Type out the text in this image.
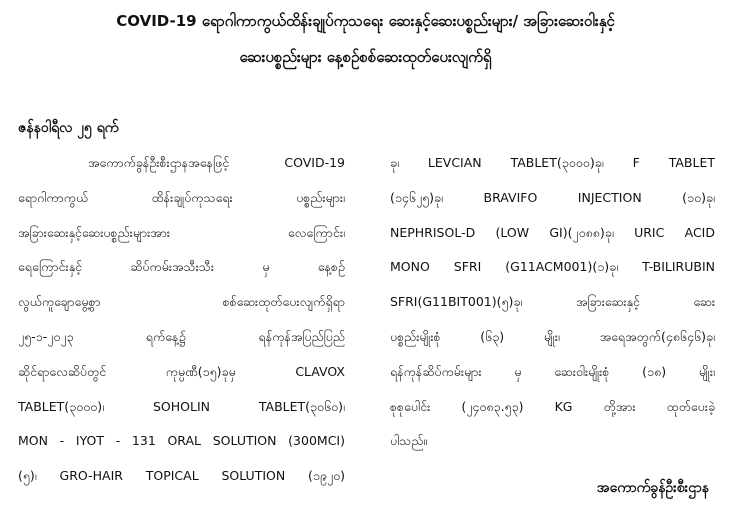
COVID-19 ရောဂါကာကွယ်ထိန်းချုပ်ကုသရေး ဆေးနှင့်ဆေးပစ္စည်းများ/ အခြားဆေးဝါးနှင့်
ဆေးပစ္စည်းများ နေ့စဉ်စစ်ဆေးထုတ်ပေးလျက်ရှိ
ဇန်နဝါရီလ ၂၅ ရက်
အကောက်ခွန်ဦးစီးဌာနအနေဖြင့် COVID-19
ရောဂါကာကွယ် ထိန်းချုပ်ကုသရေး ပစ္စည်းများ၊
အခြားဆေးနှင့်ဆေးပစ္စည်းများအား လေကြောင်း၊
ရေကြောင်းနှင့် ဆိပ်ကမ်းအသီးသီး မှ နေ့စဉ်
လွယ်ကူချောမွေ့စွာ စစ်ဆေးထုတ်ပေးလျက်ရှိရာ
၂၅-၁-၂၀၂၃ ရက်နေ့၌ ရန်ကုန်အပြည်ပြည်
ဆိုင်ရာလေဆိပ်တွင် ကုမ္ပဏီ(၁၅)ခုမှ CLAVOX
TABLET(၃၀၀၀)၊ SOHOLIN TABLET(၃၀၆၀)၊
MON - IYOT - 131 ORAL SOLUTION (300MCI)
(၅)၊ GRO-HAIR TOPICAL SOLUTION (၁၉၂၀)
ခု၊ LEVCIAN TABLET(၃၀၀၀)ခု၊ F TABLET
(၁၄၆၂၅)ခု၊ BRAVIFO INJECTION (၁၀)ခု၊
NEPHRISOL-D (LOW GI)(၂၀၈၈)ခု၊ URIC ACID
MONO SFRI (G11ACM001)(၁)ခု၊ T-BILIRUBIN
SFRI(G11BIT001)(၅)ခု၊ အခြားဆေးနှင့် ဆေး
ပစ္စည်းမျိုးစုံ (၆၃) မျိုး၊ အရေအတွက်(၄၈၆၄၆)ခု၊
ရန်ကုန်ဆိပ်ကမ်းများ မှ ဆေးဝါးမျိုးစုံ (၁၈) မျိုး၊
စုစုပေါင်း (၂၄၀၈၃.၅၃) KG တို့အား ထုတ်ပေးခဲ့
ပါသည်။
အကောက်ခွန်ဦးစီးဌာန
